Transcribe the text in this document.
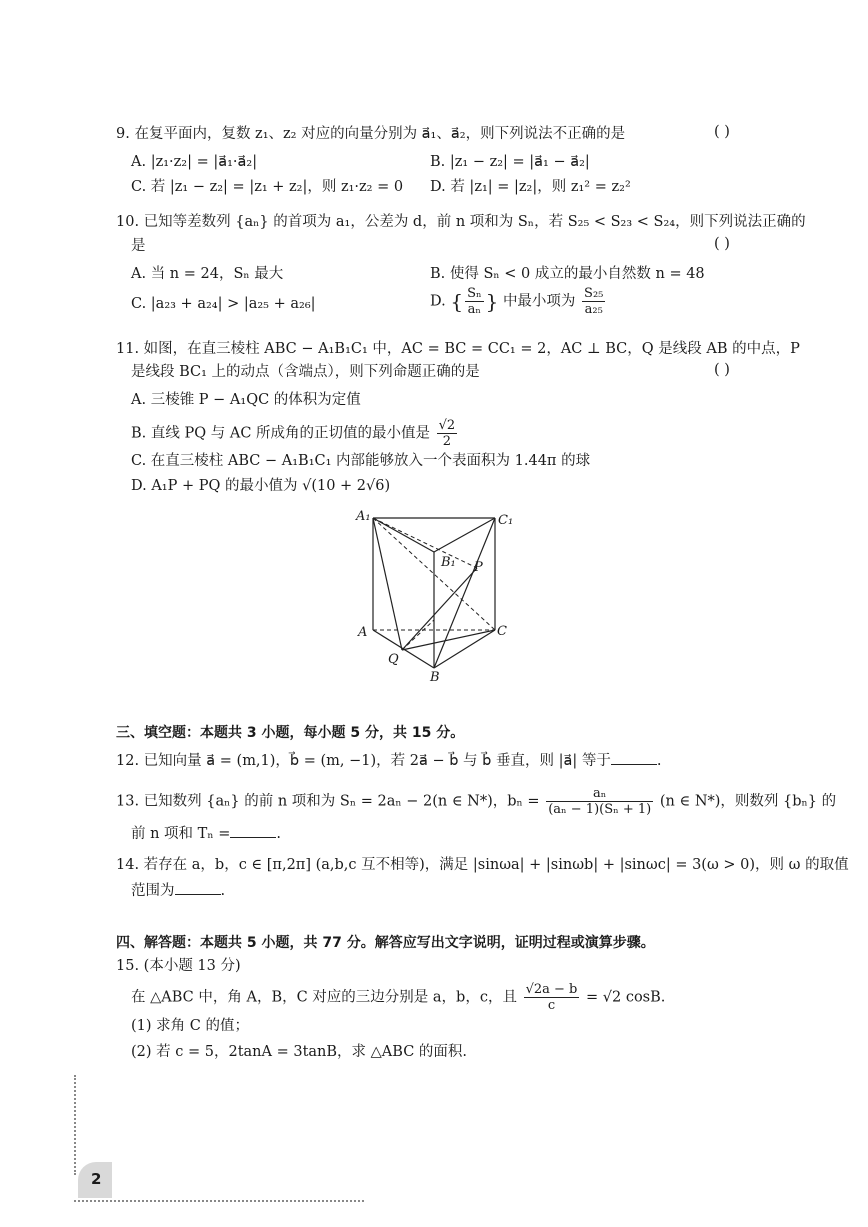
9. 在复平面内，复数 z₁、z₂ 对应的向量分别为 a⃗₁、a⃗₂，则下列说法不正确的是	( )
A. |z₁·z₂| = |a⃗₁·a⃗₂|	B. |z₁ − z₂| = |a⃗₁ − a⃗₂|
C. 若 |z₁ − z₂| = |z₁ + z₂|，则 z₁·z₂ = 0 D. 若 |z₁| = |z₂|，则 z₁² = z₂²
10. 已知等差数列 {aₙ} 的首项为 a₁，公差为 d，前 n 项和为 Sₙ，若 S₂₅ < S₂₃ < S₂₄，则下列说法正确的
是	( )
A. 当 n = 24，Sₙ 最大	B. 使得 Sₙ < 0 成立的最小自然数 n = 48
C. |a₂₃ + a₂₄| > |a₂₅ + a₂₆|	D. { $\frac{\text{Sₙ}}{\text{aₙ}}$ } 中最小项为 $\frac{\text{S₂₅}}{\text{a₂₅}}$
11. 如图，在直三棱柱 ABC − A₁B₁C₁ 中，AC = BC = CC₁ = 2，AC ⊥ BC，Q 是线段 AB 的中点，P
是线段 BC₁ 上的动点（含端点），则下列命题正确的是	( )
A. 三棱锥 P − A₁QC 的体积为定值
B. 直线 PQ 与 AC 所成角的正切值的最小值是 $\frac{√2}{2}$
C. 在直三棱柱 ABC − A₁B₁C₁ 内部能够放入一个表面积为 1.44π 的球
D. A₁P + PQ 的最小值为 √(10 + 2√6)
A₁	C₁
B₁ P
A	C
Q
B
三、填空题：本题共 3 小题，每小题 5 分，共 15 分。
12. 已知向量 a⃗ = (m,1)，b⃗ = (m, −1)，若 2a⃗ − b⃗ 与 b⃗ 垂直，则 |a⃗| 等于	.
13. 已知数列 {aₙ} 的前 n 项和为 Sₙ = 2aₙ − 2(n ∈ N*)，$b_n = \frac{\text{aₙ}}{\text{(aₙ − 1)(Sₙ + 1)}} (n$ ∈ N*)，则数列 {bₙ} 的
前 n 项和 Tₙ =	.
14. 若存在 a，b，c ∈ [π,2π] (a,b,c 互不相等)，满足 |sinωa| + |sinωb| + |sinωc| = 3(ω > 0)，则 ω 的取值
范围为	.
四、解答题：本题共 5 小题，共 77 分。解答应写出文字说明，证明过程或演算步骤。
15. (本小题 13 分)
在 △ABC 中，角 A，B，C 对应的三边分别是 a，b，c，且 $\frac{√2a - b}{c} = √2$ cosB.
(1) 求角 C 的值；
(2) 若 c = 5，2tanA = 3tanB，求 △ABC 的面积.
2
